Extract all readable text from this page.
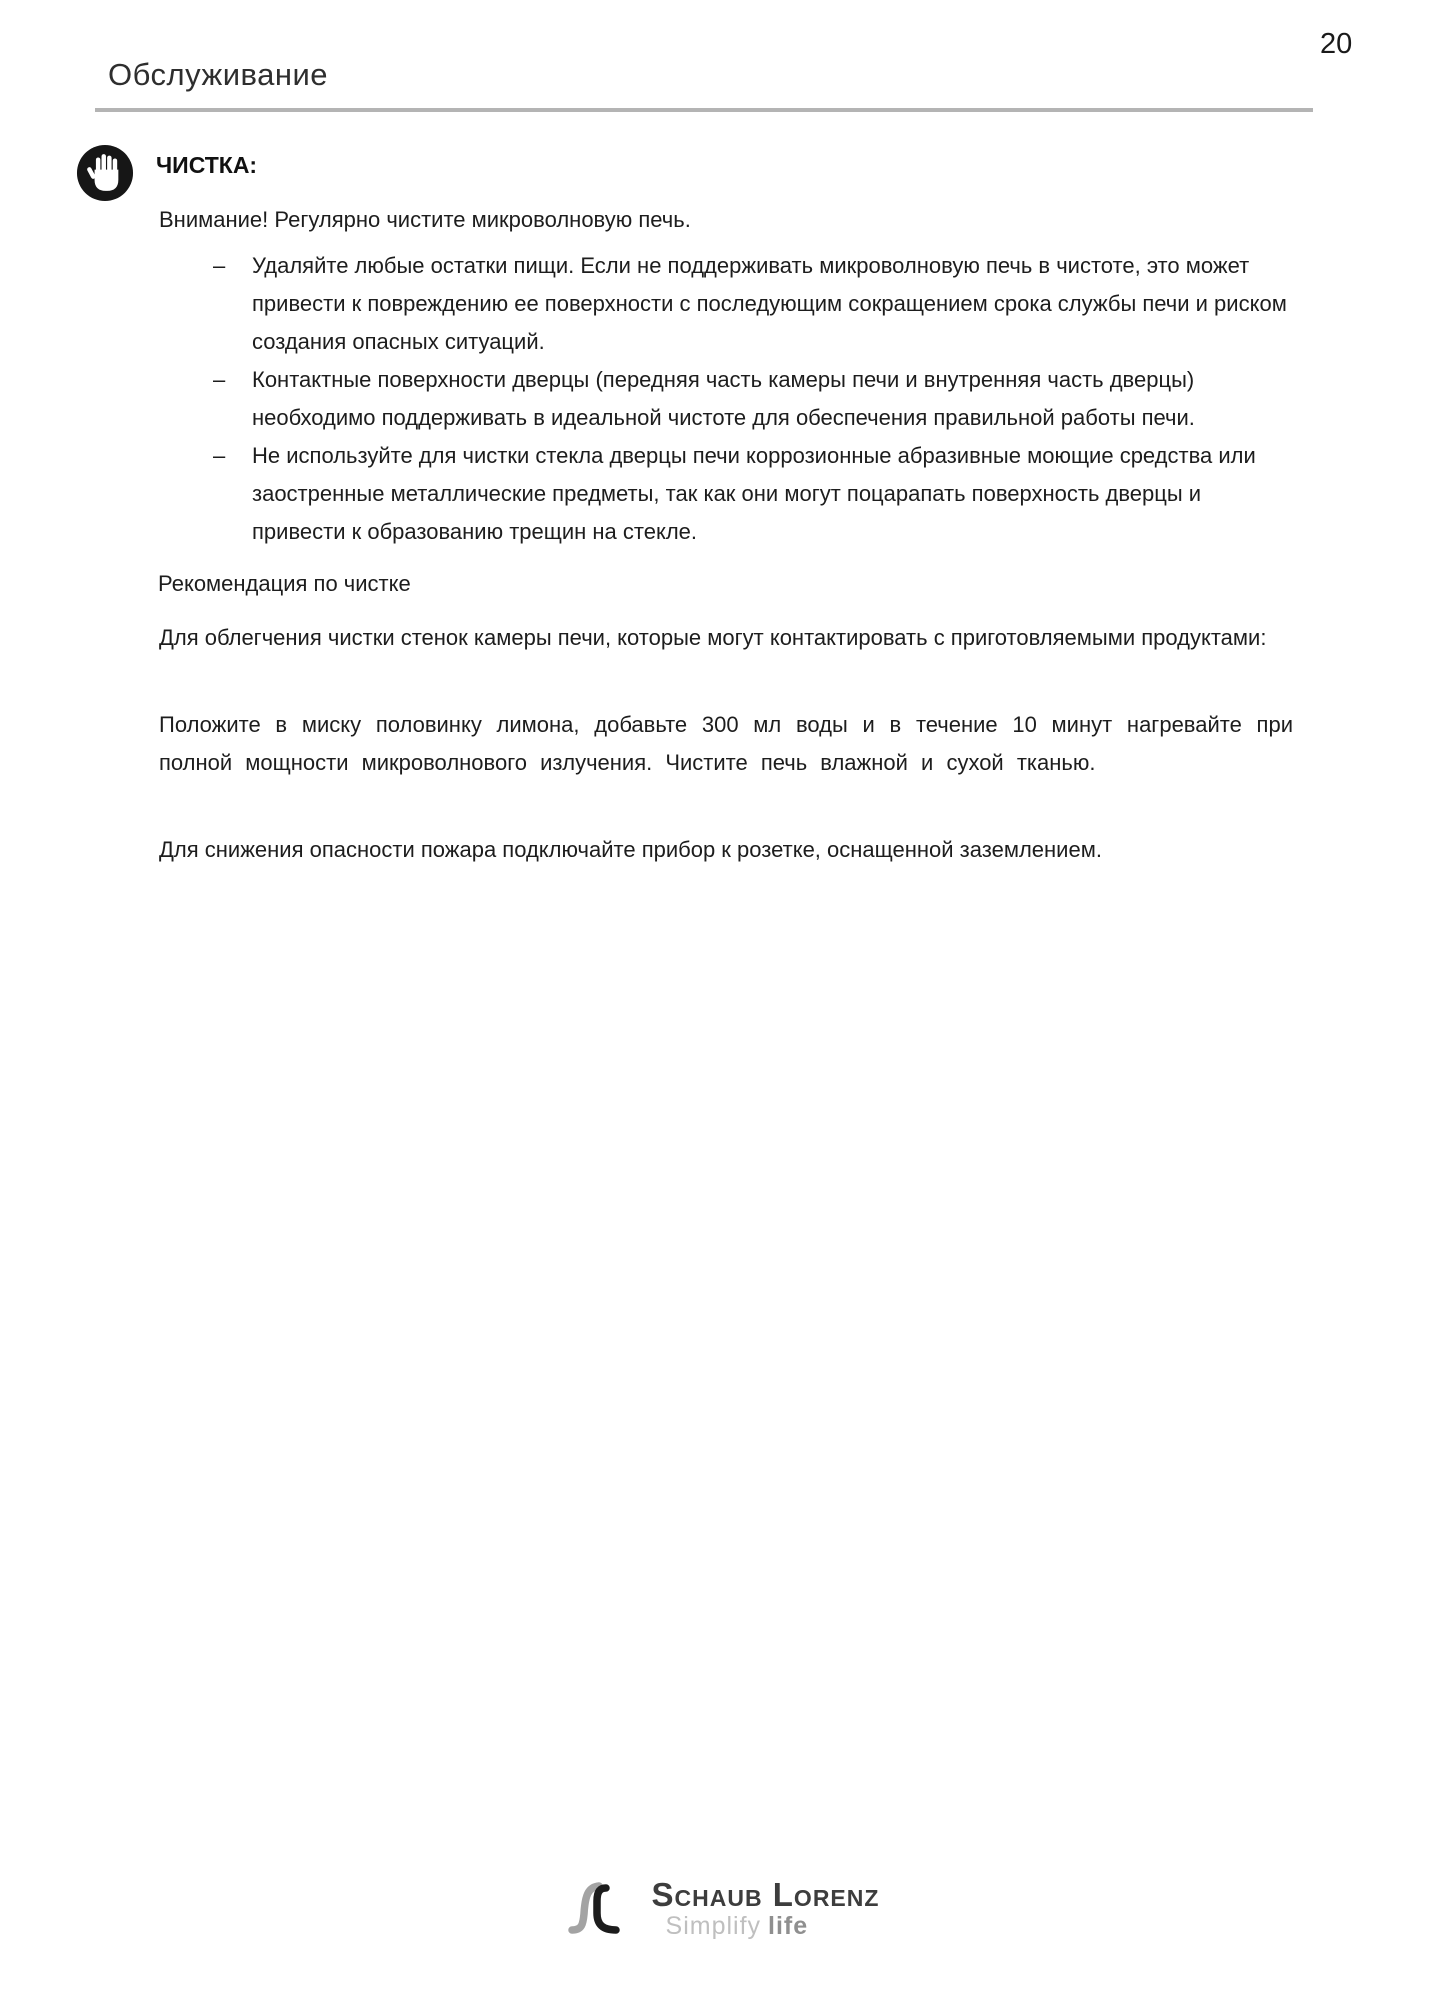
Обслуживание
20
ЧИСТКА:
Внимание! Регулярно чистите микроволновую печь.
–	Удаляйте любые остатки пищи. Если не поддерживать микроволновую печь в чистоте, это может привести к повреждению ее поверхности с последующим сокращением срока службы печи и риском создания опасных ситуаций.
–	Контактные поверхности дверцы (передняя часть камеры печи и внутренняя часть дверцы) необходимо поддерживать в идеальной чистоте для обеспечения правильной работы печи.
–	Не используйте для чистки стекла дверцы печи коррозионные абразивные моющие средства или заостренные металлические предметы, так как они могут поцарапать поверхность дверцы и привести к образованию трещин на стекле.
Рекомендация по чистке
Для облегчения чистки стенок камеры печи, которые могут контактировать с приготовляемыми продуктами:
Положите в миску половинку лимона, добавьте 300 мл воды и в течение 10 минут нагревайте при полной мощности микроволнового излучения. Чистите печь влажной и сухой тканью.
Для снижения опасности пожара подключайте прибор к розетке, оснащенной заземлением.
Schaub Lorenz
Simplify life
